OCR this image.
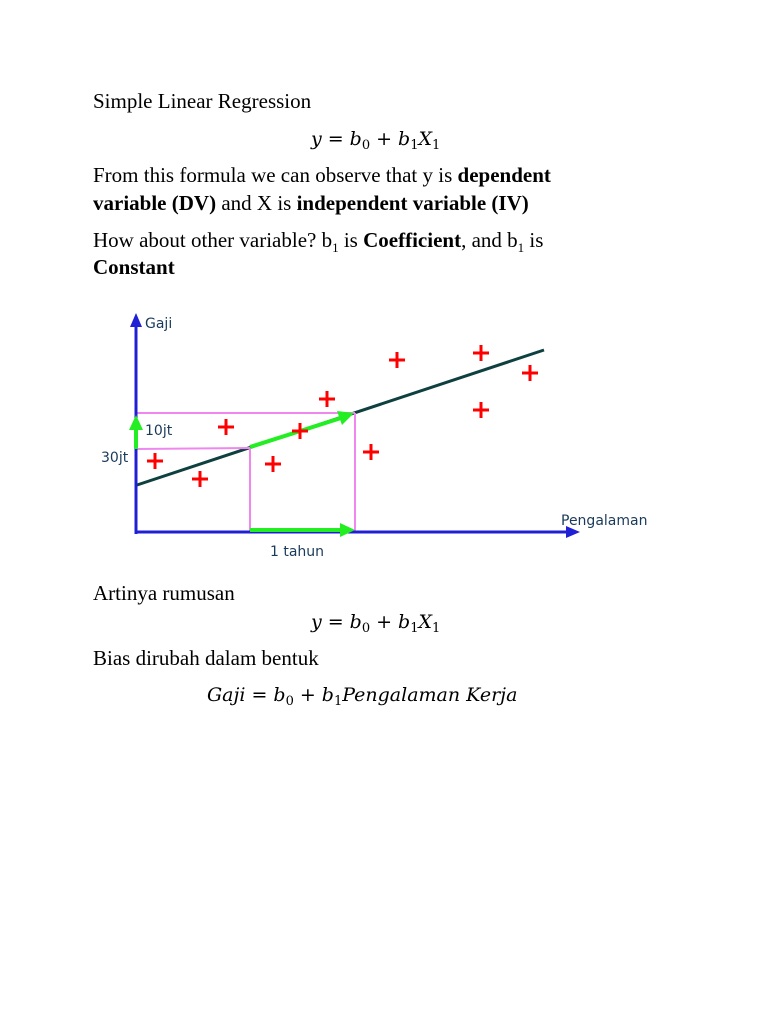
Simple Linear Regression
$y = b_0 + b_1X_1$
From this formula we can observe that y is dependent
variable (DV) and X is independent variable (IV)
How about other variable? $b_1$ is Coefficient, and $b_1$ is
Constant
Gaji
Pengalaman
10jt
30jt
1 tahun
Artinya rumusan
$y = b_0 + b_1X_1$
Bias dirubah dalam bentuk
Gaji = $b_0$ + $b_1Pengalaman$ Kerja
